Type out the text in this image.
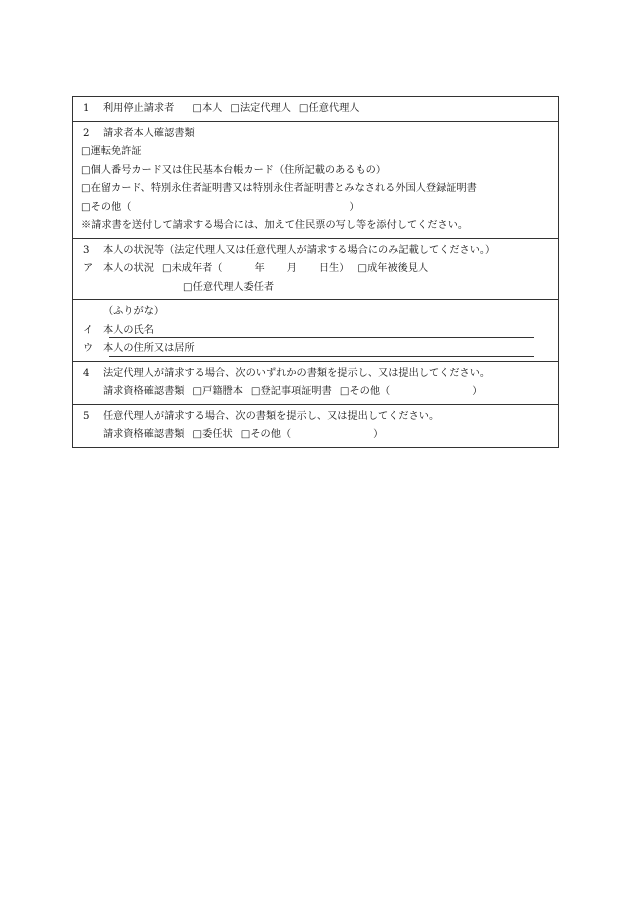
1 利用停止請求者 □本人 □法定代理人 □任意代理人
2 請求者本人確認書類
□運転免許証
□個人番号カード又は住民基本台帳カード（住所記載のあるもの）
□在留カード、特別永住者証明書又は特別永住者証明書とみなされる外国人登録証明書
□その他（	）
※請求書を送付して請求する場合には、加えて住民票の写し等を添付してください。
3 本人の状況等（法定代理人又は任意代理人が請求する場合にのみ記載してください。）
ア 本人の状況 □未成年者（	年 月 日生） □成年被後見人
□任意代理人委任者
（ふりがな）
イ 本人の氏名
ウ 本人の住所又は居所
4 法定代理人が請求する場合、次のいずれかの書類を提示し、又は提出してください。
請求資格確認書類 □戸籍謄本 □登記事項証明書 □その他（	）
5 任意代理人が請求する場合、次の書類を提示し、又は提出してください。
請求資格確認書類 □委任状 □その他（	）
